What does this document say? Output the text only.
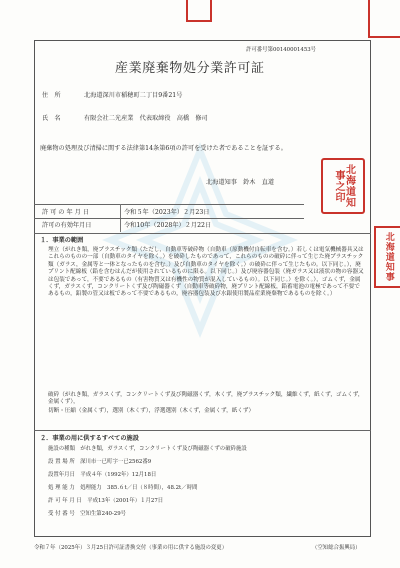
許可番号第00140001453号
産業廃棄物処分業許可証
住　所	北海道深川市稲穂町二丁目9番21号
氏　名	有限会社二光産業　代表取締役　高橋　修司
廃棄物の処理及び清掃に関する法律第14条第6項の許可を受けた者であることを証する。
北海道知事　鈴木　直道	北海道知事之印
許 可 の 年 月 日	令和５年（2023年）２月23日
許可の有効年月日	令和10年（2028年）２月22日
北海道知事
１．事業の範囲
埋立（がれき類，廃プラスチック類（ただし，自動車等破砕物（自動車（原動機付自転車を含む。）若しくは電気機械器具又はこれらのものの一部（自動車のタイヤを除く。）を破砕したものであって，これらのものの破砕に伴って生じた廃プラスチック類（ガラス，金属等と一体となったものを含む。）及び自動車のタイヤを除く。）の破砕に伴って生じたもの。以下同じ。），廃プリント配線板（鉛を含むはんだが使用されているものに限る。以下同じ。）及び廃容器包装（廃ガラス又は液状の物の容器又は包装であって，不要であるもの（有害物質又は有機性の物質が混入しているもの）。以下同じ。）を除く。），ゴムくず，金属くず，ガラスくず，コンクリートくず及び陶磁器くず（自動車等破砕物，廃プリント配線板，鉛蓄電池の電極であって不要であるもの，鉛製の管又は板であって不要であるもの，廃容器包装及び水銀使用製品産業廃棄物であるものを除く。）
破砕（がれき類，ガラスくず，コンクリートくず及び陶磁器くず，木くず，廃プラスチック類，繊維くず，紙くず，ゴムくず，金属くず），
切断・圧縮（金属くず），選別（木くず），浮選選別（木くず，金属くず，紙くず）
２．事業の用に供するすべての施設
施設の種類　がれき類，ガラスくず，コンクリートくず及び陶磁器くずの破砕施設
設 置 場 所　深川市一已町字一已2562番9
設置年月日　平成４年（1992年）12月18日
処 理 能 力　処理能力　385.６t／日（８時間），48.2t／時間
許 可 年 月 日　平成13年（2001年）１月27日
受 付 番 号　空知生第240-29号
令和７年（2025年）３月25日許可証書換交付（事業の用に供する施設の変更）	（空知総合振興局）
